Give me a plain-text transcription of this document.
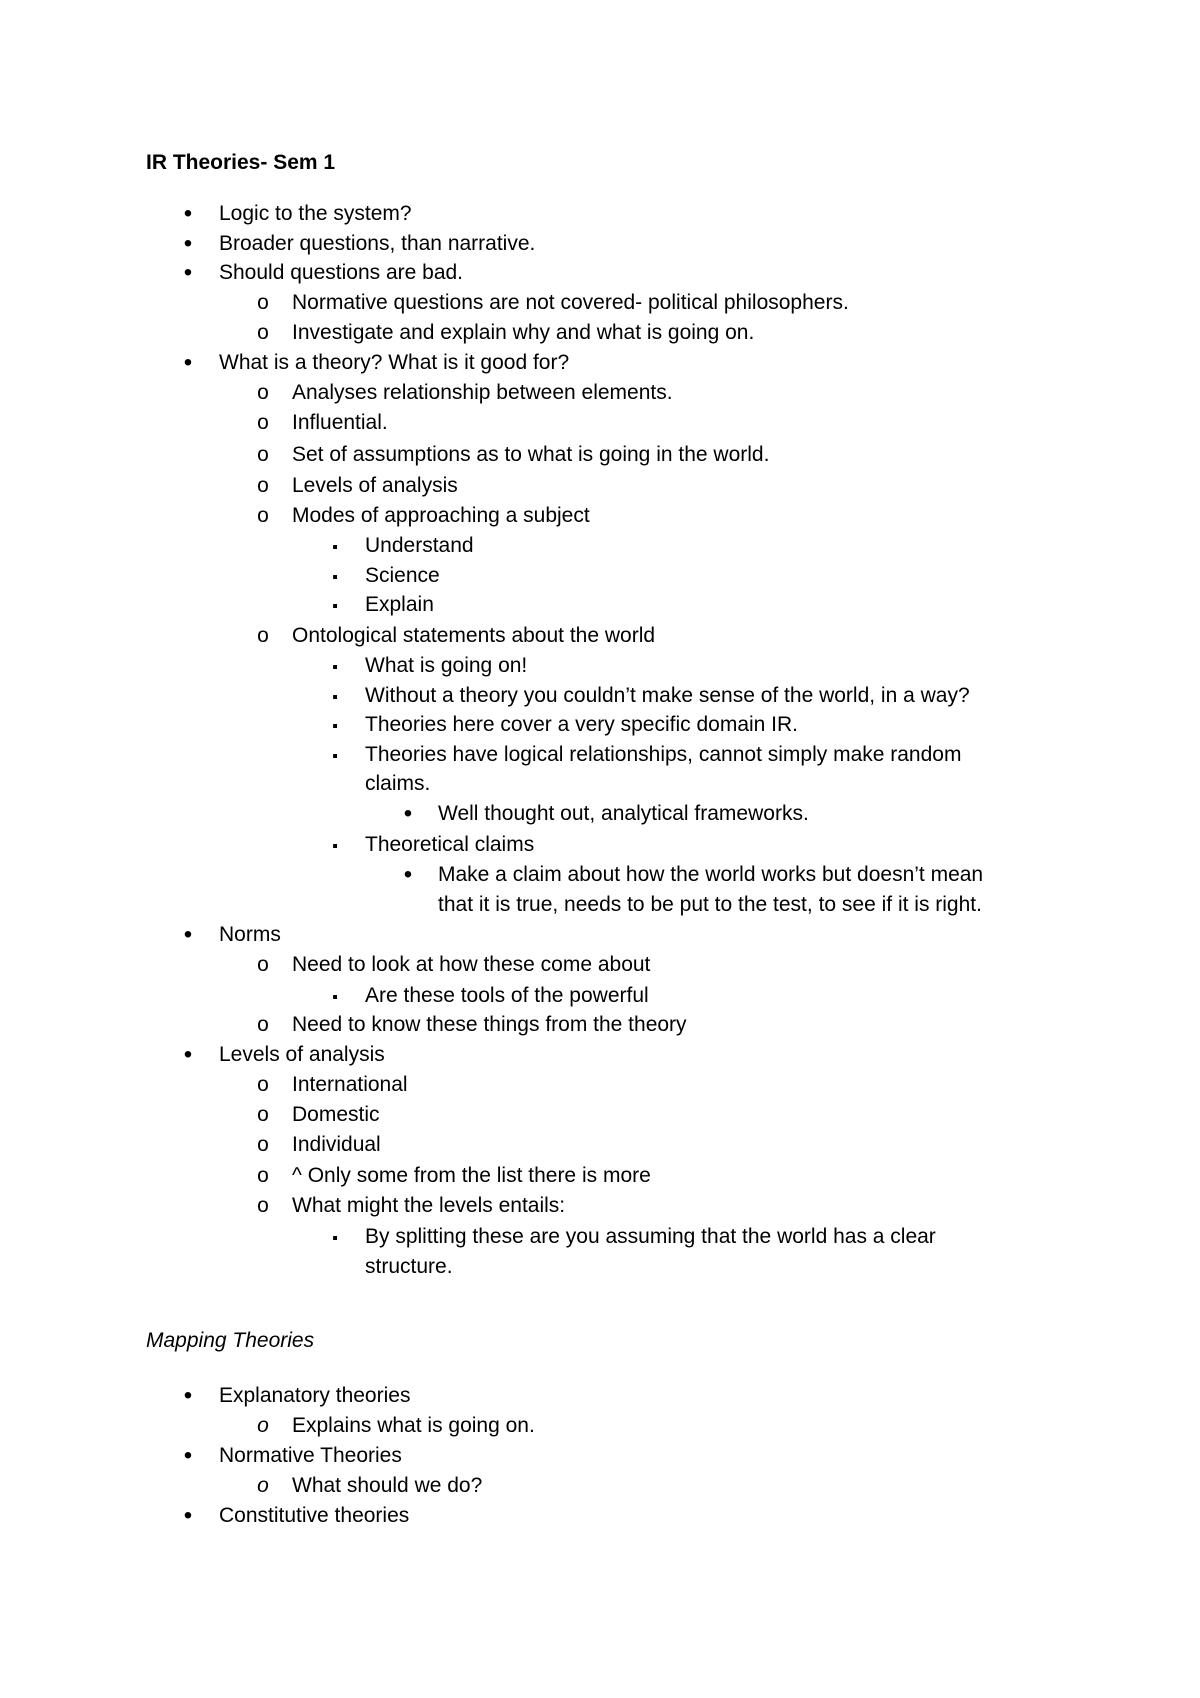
IR Theories- Sem 1
•
Logic to the system?
•
Broader questions, than narrative.
•
Should questions are bad.
o
Normative questions are not covered- political philosophers.
o
Investigate and explain why and what is going on.
•
What is a theory? What is it good for?
o
Analyses relationship between elements.
o
Influential.
o
Set of assumptions as to what is going in the world.
o
Levels of analysis
o
Modes of approaching a subject
▪
Understand
▪
Science
▪
Explain
o
Ontological statements about the world
▪
What is going on!
▪
Without a theory you couldn’t make sense of the world, in a way?
▪
Theories here cover a very specific domain IR.
▪
Theories have logical relationships, cannot simply make random
claims.
•
Well thought out, analytical frameworks.
▪
Theoretical claims
•
Make a claim about how the world works but doesn’t mean
that it is true, needs to be put to the test, to see if it is right.
•
Norms
o
Need to look at how these come about
▪
Are these tools of the powerful
o
Need to know these things from the theory
•
Levels of analysis
o
International
o
Domestic
o
Individual
o
^ Only some from the list there is more
o
What might the levels entails:
▪
By splitting these are you assuming that the world has a clear
structure.
Mapping Theories
•
Explanatory theories
o
Explains what is going on.
•
Normative Theories
o
What should we do?
•
Constitutive theories
